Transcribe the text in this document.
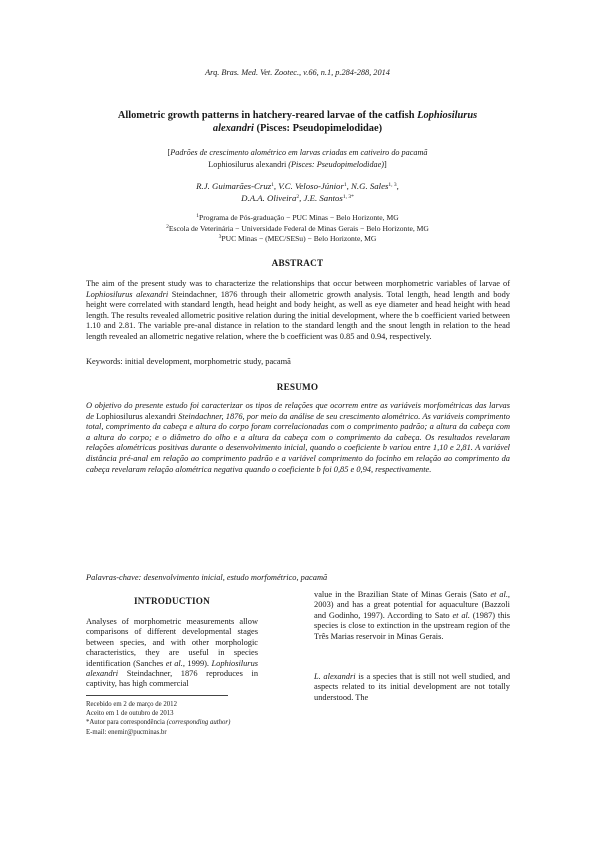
Arq. Bras. Med. Vet. Zootec., v.66, n.1, p.284-288, 2014
Allometric growth patterns in hatchery-reared larvae of the catfish Lophiosilurus
alexandri (Pisces: Pseudopimelodidae)
[Padrões de crescimento alométrico em larvas criadas em cativeiro do pacamã
Lophiosilurus alexandri (Pisces: Pseudopimelodidae)]
R.J. Guimarães-Cruz$^1$, V.C. Veloso-Júnior$^1$, N.G. Sales$^{1, 3}$,
D.A.A. Oliveira$^2$, J.E. Santos$^{1, 3*}$
$^1$Programa de Pós-graduação − PUC Minas − Belo Horizonte, MG
$^2$Escola de Veterinária − Universidade Federal de Minas Gerais − Belo Horizonte, MG
$^3$PUC Minas − (MEC/SESu) − Belo Horizonte, MG
ABSTRACT

The aim of the present study was to characterize the relationships that occur between morphometric variables of larvae of Lophiosilurus alexandri Steindachner, 1876 through their allometric growth analysis. Total length, head length and body height were correlated with standard length, head height and body height, as well as eye diameter and head height with head length. The results revealed allometric positive relation during the initial development, where the b coefficient varied between 1.10 and 2.81. The variable pre-anal distance in relation to the standard length and the snout length in relation to the head length revealed an allometric negative relation, where the b coefficient was 0.85 and 0.94, respectively.

Keywords: initial development, morphometric study, pacamã

RESUMO

O objetivo do presente estudo foi caracterizar os tipos de relações que ocorrem entre as variáveis morfométricas das larvas de Lophiosilurus alexandri Steindachner, 1876, por meio da análise de seu crescimento alométrico. As variáveis comprimento total, comprimento da cabeça e altura do corpo foram correlacionadas com o comprimento padrão; a altura da cabeça com a altura do corpo; e o diâmetro do olho e a altura da cabeça com o comprimento da cabeça. Os resultados revelaram relações alométricas positivas durante o desenvolvimento inicial, quando o coeficiente b variou entre 1,10 e 2,81. A variável distância pré-anal em relação ao comprimento padrão e a variável comprimento do focinho em relação ao comprimento da cabeça revelaram relação alométrica negativa quando o coeficiente b foi 0,85 e 0,94, respectivamente.

Palavras-chave: desenvolvimento inicial, estudo morfométrico, pacamã

INTRODUCTION

Analyses of morphometric measurements allow comparisons of different developmental stages between species, and with other morphologic characteristics, they are useful in species identification (Sanches et al., 1999). Lophiosilurus alexandri Steindachner, 1876 reproduces in captivity, has high commercial

value in the Brazilian State of Minas Gerais (Sato et al., 2003) and has a great potential for aquaculture (Bazzoli and Godinho, 1997). According to Sato et al. (1987) this species is close to extinction in the upstream region of the Três Marias reservoir in Minas Gerais.

L. alexandri is a species that is still not well studied, and aspects related to its initial development are not totally understood. The

Recebido em 2 de março de 2012
Aceito em 1 de outubro de 2013
*Autor para correspondência (corresponding author)
E-mail: enemir@pucminas.br
